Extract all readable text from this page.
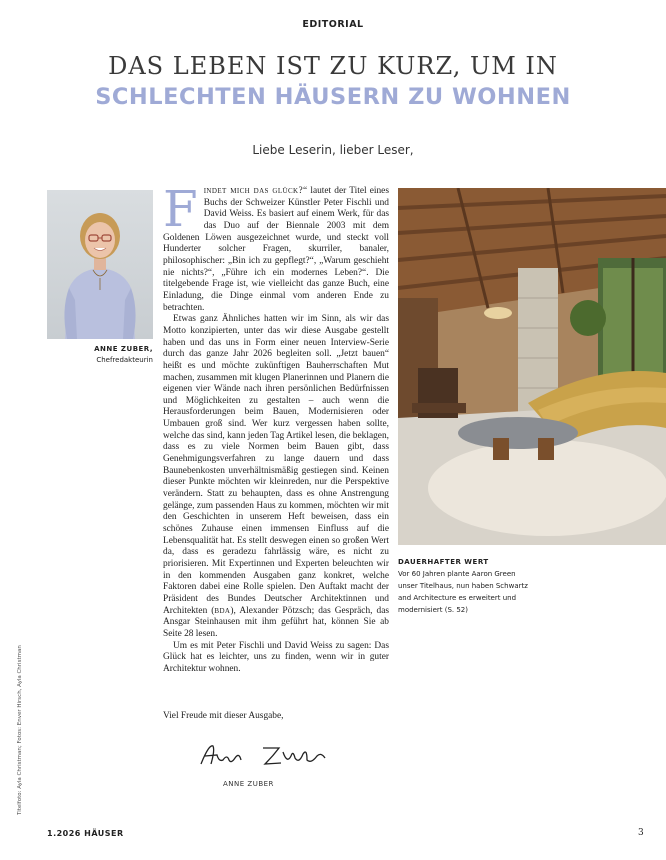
EDITORIAL
DAS LEBEN IST ZU KURZ, UM IN
SCHLECHTEN HÄUSERN ZU WOHNEN
Liebe Leserin, lieber Leser,
ANNE ZUBER,
Chefredakteurin

Findet mich das glück?“ lautet der Titel eines Buchs der Schweizer Künstler Peter Fischli und David Weiss. Es basiert auf einem Werk, für das das Duo auf der Biennale 2003 mit dem Goldenen Löwen ausgezeichnet wurde, und steckt voll Hunderter solcher Fragen, skurriler, banaler, philosophischer: „Bin ich zu gepflegt?“, „Warum geschieht nie nichts?“, „Führe ich ein modernes Leben?“. Die titelgebende Frage ist, wie vielleicht das ganze Buch, eine Einladung, die Dinge einmal vom anderen Ende zu betrachten.

Etwas ganz Ähnliches hatten wir im Sinn, als wir das Motto konzipierten, unter das wir diese Ausgabe gestellt haben und das uns in Form einer neuen Interview-Serie durch das ganze Jahr 2026 begleiten soll. „Jetzt bauen“ heißt es und möchte zukünftigen Bauherrschaften Mut machen, zusammen mit klugen Planerinnen und Planern die eigenen vier Wände nach ihren persönlichen Bedürfnissen und Möglichkeiten zu gestalten – auch wenn die Herausforderungen beim Bauen, Modernisieren oder Umbauen groß sind. Wer kurz vergessen haben sollte, welche das sind, kann jeden Tag Artikel lesen, die beklagen, dass es zu viele Normen beim Bauen gibt, dass Genehmigungsverfahren zu lange dauern und dass Baunebenkosten unverhältnismäßig gestiegen sind. Keinen dieser Punkte möchten wir kleinreden, nur die Perspektive verändern. Statt zu behaupten, dass es ohne Anstrengung gelänge, zum passenden Haus zu kommen, möchten wir mit den Geschichten in unserem Heft beweisen, dass ein schönes Zuhause einen immensen Einfluss auf die Lebensqualität hat. Es stellt deswegen einen so großen Wert da, dass es geradezu fahrlässig wäre, es nicht zu priorisieren. Mit Expertinnen und Experten beleuchten wir in den kommenden Ausgaben ganz konkret, welche Faktoren dabei eine Rolle spielen. Den Auftakt macht der Präsident des Bundes Deutscher Architektinnen und Architekten (bda), Alexander Pötzsch; das Gespräch, das Ansgar Steinhausen mit ihm geführt hat, können Sie ab Seite 28 lesen.

Um es mit Peter Fischli und David Weiss zu sagen: Das Glück hat es leichter, uns zu finden, wenn wir in guter Architektur wohnen.

Viel Freude mit dieser Ausgabe,
ANNE ZUBER
DAUERHAFTER WERT
Vor 60 Jahren plante Aaron Green unser Titelhaus, nun haben Schwartz and Architecture es erweitert und modernisiert (S. 52)
Titelfoto: Ayla Christman; Fotos: Enver Hirsch, Ayla Christman
1.2026 HÄUSER	3
